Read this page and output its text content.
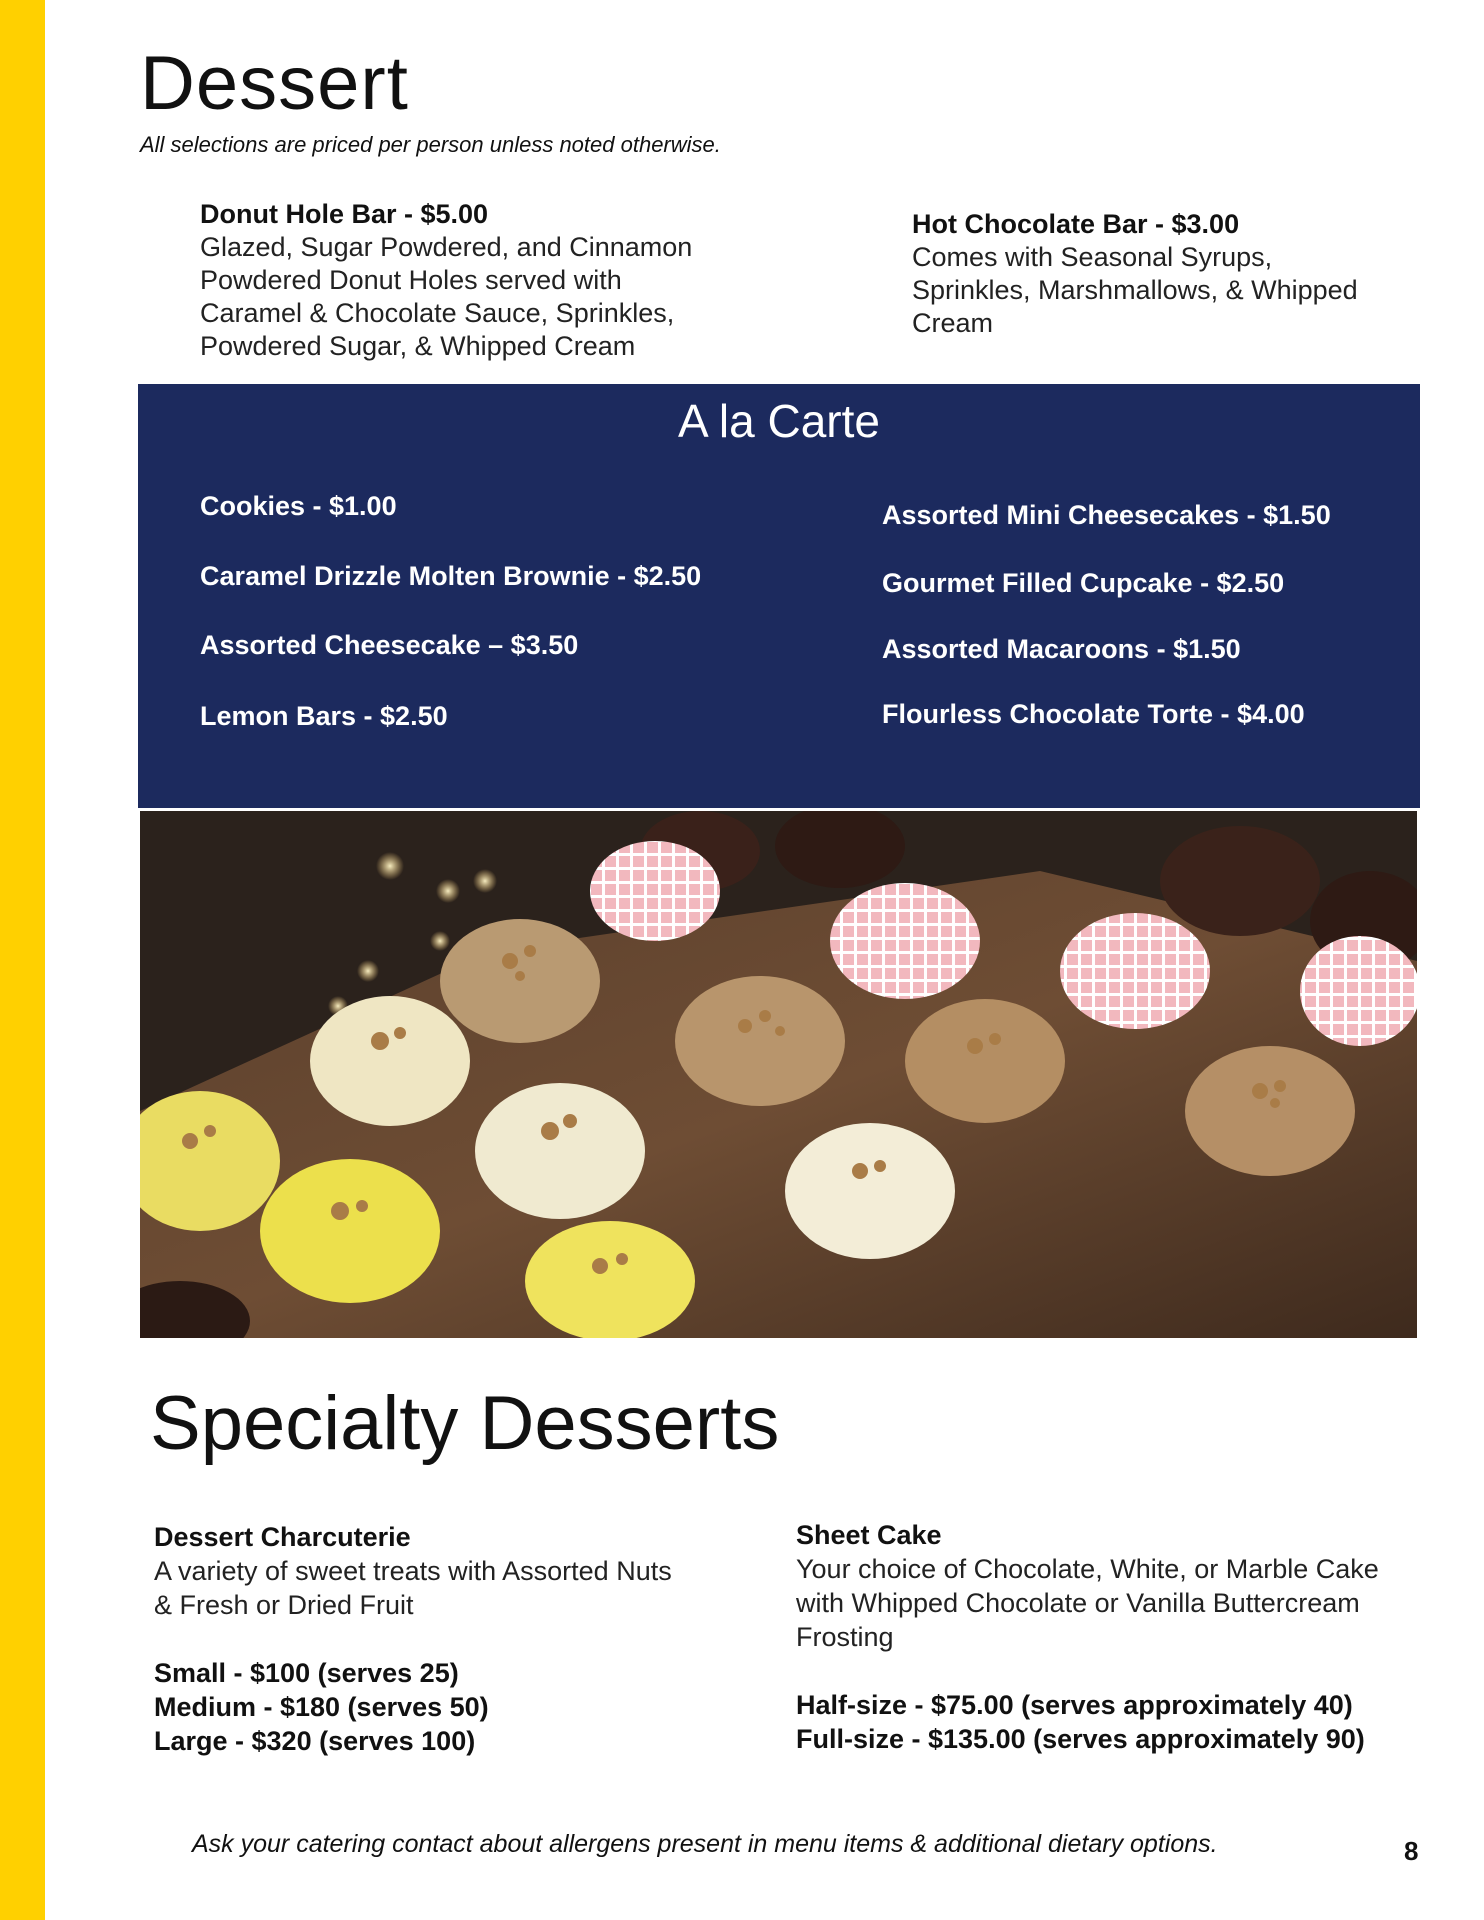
Dessert
All selections are priced per person unless noted otherwise.
Donut Hole Bar - $5.00
Glazed, Sugar Powdered, and Cinnamon
Powdered Donut Holes served with
Caramel & Chocolate Sauce, Sprinkles,
Powdered Sugar, & Whipped Cream
Hot Chocolate Bar - $3.00
Comes with Seasonal Syrups,
Sprinkles, Marshmallows, & Whipped
Cream
A la Carte
Cookies - $1.00
Caramel Drizzle Molten Brownie - $2.50
Assorted Cheesecake – $3.50
Lemon Bars - $2.50
Assorted Mini Cheesecakes - $1.50
Gourmet Filled Cupcake - $2.50
Assorted Macaroons - $1.50
Flourless Chocolate Torte - $4.00
Specialty Desserts
Dessert Charcuterie
A variety of sweet treats with Assorted Nuts
& Fresh or Dried Fruit
Small - $100 (serves 25)
Medium - $180 (serves 50)
Large - $320 (serves 100)
Sheet Cake
Your choice of Chocolate, White, or Marble Cake
with Whipped Chocolate or Vanilla Buttercream
Frosting
Half-size - $75.00 (serves approximately 40)
Full-size - $135.00 (serves approximately 90)
Ask your catering contact about allergens present in menu items & additional dietary options.	8
